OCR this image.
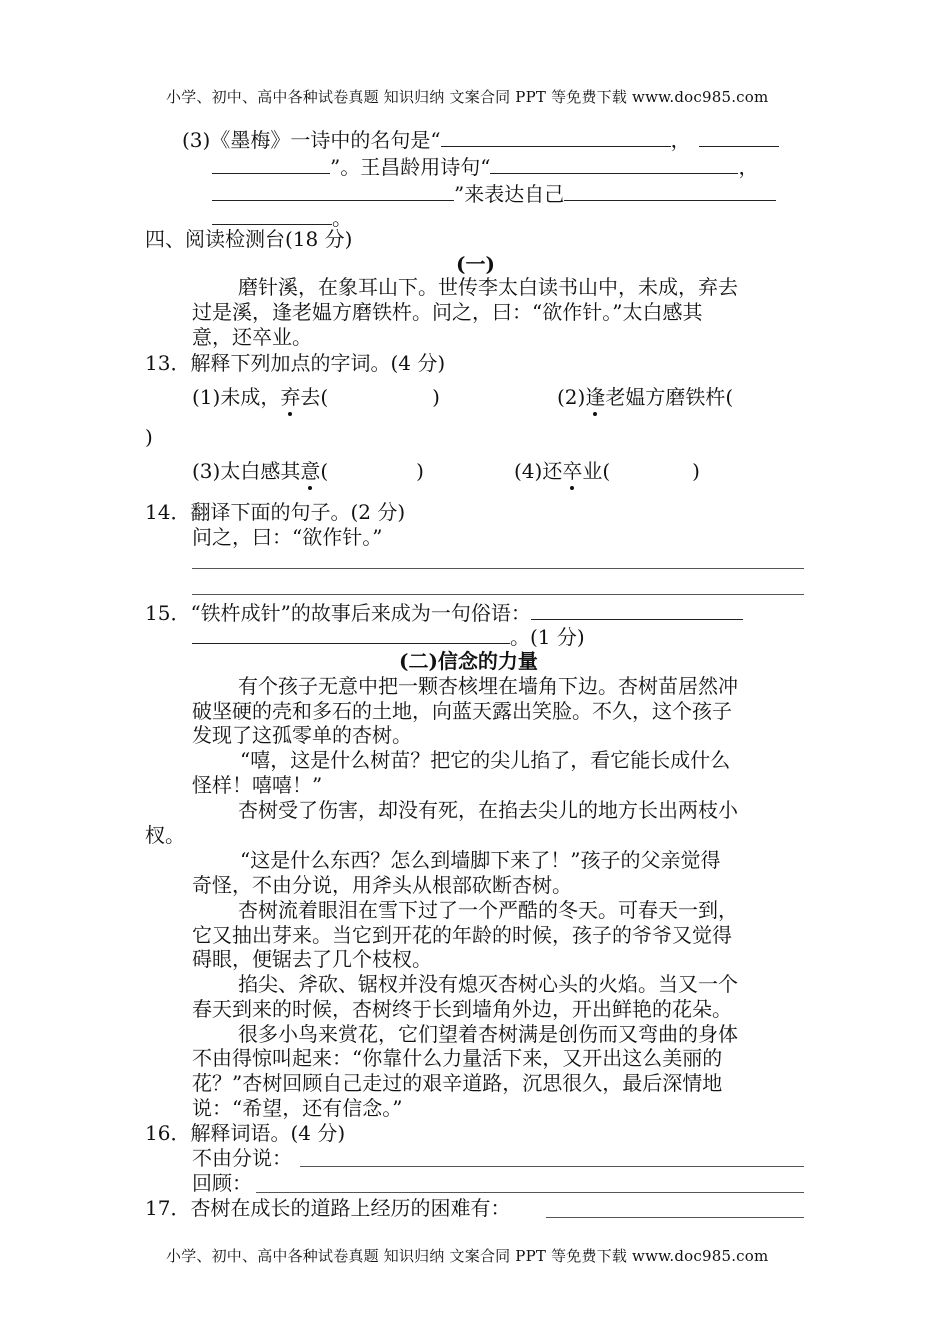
小学、初中、高中各种试卷真题 知识归纳 文案合同 PPT 等免费下载 www.doc985.com
(3)《墨梅》一诗中的名句是“	，
”。王昌龄用诗句“	，
”来表达自己
。
四、阅读检测台(18 分)
(一)
磨针溪，在象耳山下。世传李太白读书山中，未成，弃去
过是溪，逢老媪方磨铁杵。问之，曰：“欲作针。”太白感其
意，还卒业。
13．解释下列加点的字词。(4 分)
(1)未成，弃去(	)	(2)逢老媪方磨铁杵(
)
(3)太白感其意(	)	(4)还卒业(	)
14．翻译下面的句子。(2 分)
问之，曰：“欲作针。”
15．“铁杵成针”的故事后来成为一句俗语：
。(1 分)
(二)信念的力量
有个孩子无意中把一颗杏核埋在墙角下边。杏树苗居然冲
破坚硬的壳和多石的土地，向蓝天露出笑脸。不久，这个孩子
发现了这孤零单的杏树。
“嘻，这是什么树苗？把它的尖儿掐了，看它能长成什么
怪样！嘻嘻！”
杏树受了伤害，却没有死，在掐去尖儿的地方长出两枝小
杈。
“这是什么东西？怎么到墙脚下来了！”孩子的父亲觉得
奇怪，不由分说，用斧头从根部砍断杏树。
杏树流着眼泪在雪下过了一个严酷的冬天。可春天一到，
它又抽出芽来。当它到开花的年龄的时候，孩子的爷爷又觉得
碍眼，便锯去了几个枝杈。
掐尖、斧砍、锯杈并没有熄灭杏树心头的火焰。当又一个
春天到来的时候，杏树终于长到墙角外边，开出鲜艳的花朵。
很多小鸟来赏花，它们望着杏树满是创伤而又弯曲的身体
不由得惊叫起来：“你靠什么力量活下来，又开出这么美丽的
花？”杏树回顾自己走过的艰辛道路，沉思很久，最后深情地
说：“希望，还有信念。”
16．解释词语。(4 分)
不由分说：
回顾：
17．杏树在成长的道路上经历的困难有：
小学、初中、高中各种试卷真题 知识归纳 文案合同 PPT 等免费下载 www.doc985.com
